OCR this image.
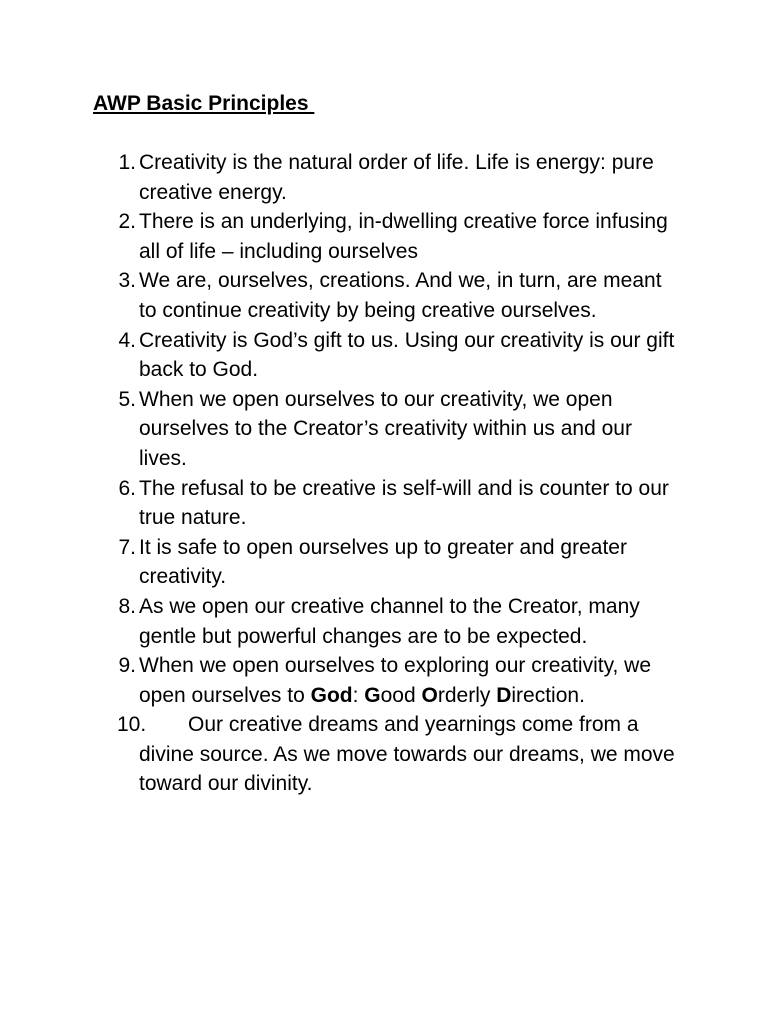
AWP Basic Principles
1. Creativity is the natural order of life. Life is energy: pure creative energy.
2. There is an underlying, in-dwelling creative force infusing all of life – including ourselves
3. We are, ourselves, creations. And we, in turn, are meant to continue creativity by being creative ourselves.
4. Creativity is God’s gift to us. Using our creativity is our gift back to God.
5. When we open ourselves to our creativity, we open ourselves to the Creator’s creativity within us and our lives.
6. The refusal to be creative is self-will and is counter to our true nature.
7. It is safe to open ourselves up to greater and greater creativity.
8. As we open our creative channel to the Creator, many gentle but powerful changes are to be expected.
9. When we open ourselves to exploring our creativity, we open ourselves to God: Good Orderly Direction.
10. Our creative dreams and yearnings come from a divine source. As we move towards our dreams, we move toward our divinity.
